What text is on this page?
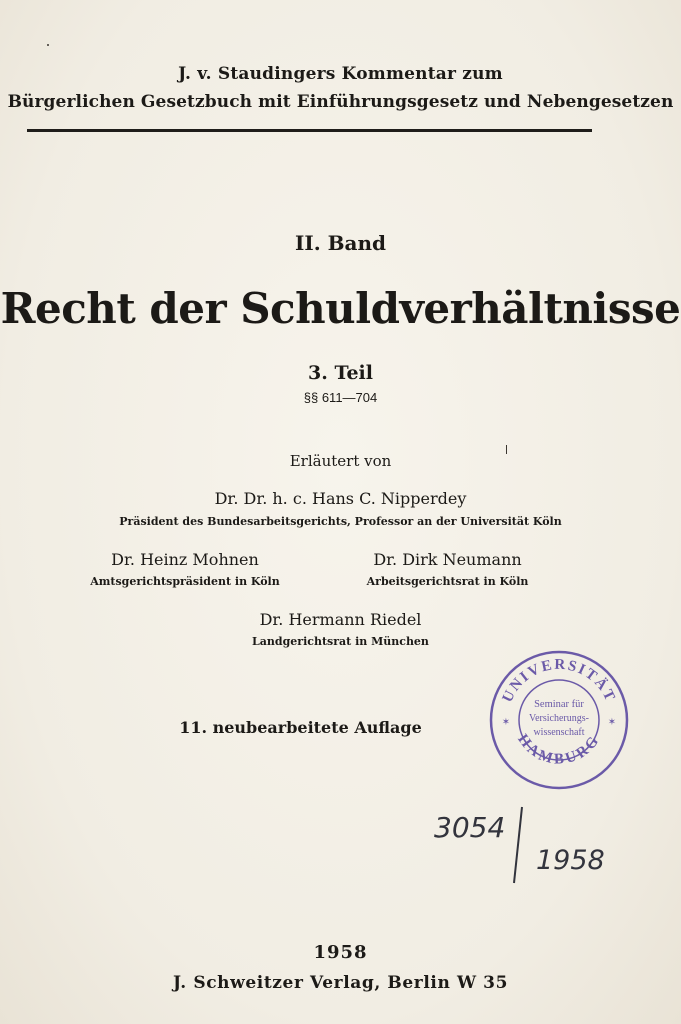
J. v. Staudingers Kommentar zum
Bürgerlichen Gesetzbuch mit Einführungsgesetz und Nebengesetzen
II. Band
Recht der Schuldverhältnisse
3. Teil
§§ 611—704
Erläutert von
Dr. Dr. h. c. Hans C. Nipperdey
Präsident des Bundesarbeitsgerichts, Professor an der Universität Köln
Dr. Heinz Mohnen
Amtsgerichtspräsident in Köln
Dr. Dirk Neumann
Arbeitsgerichtsrat in Köln
Dr. Hermann Riedel
Landgerichtsrat in München
11. neubearbeitete Auflage
UNIVERSITÄT
HAMBURG
✶	✶
Seminar für
Versicherungs-
wissenschaft
3054
1958
1958
J. Schweitzer Verlag, Berlin W 35
